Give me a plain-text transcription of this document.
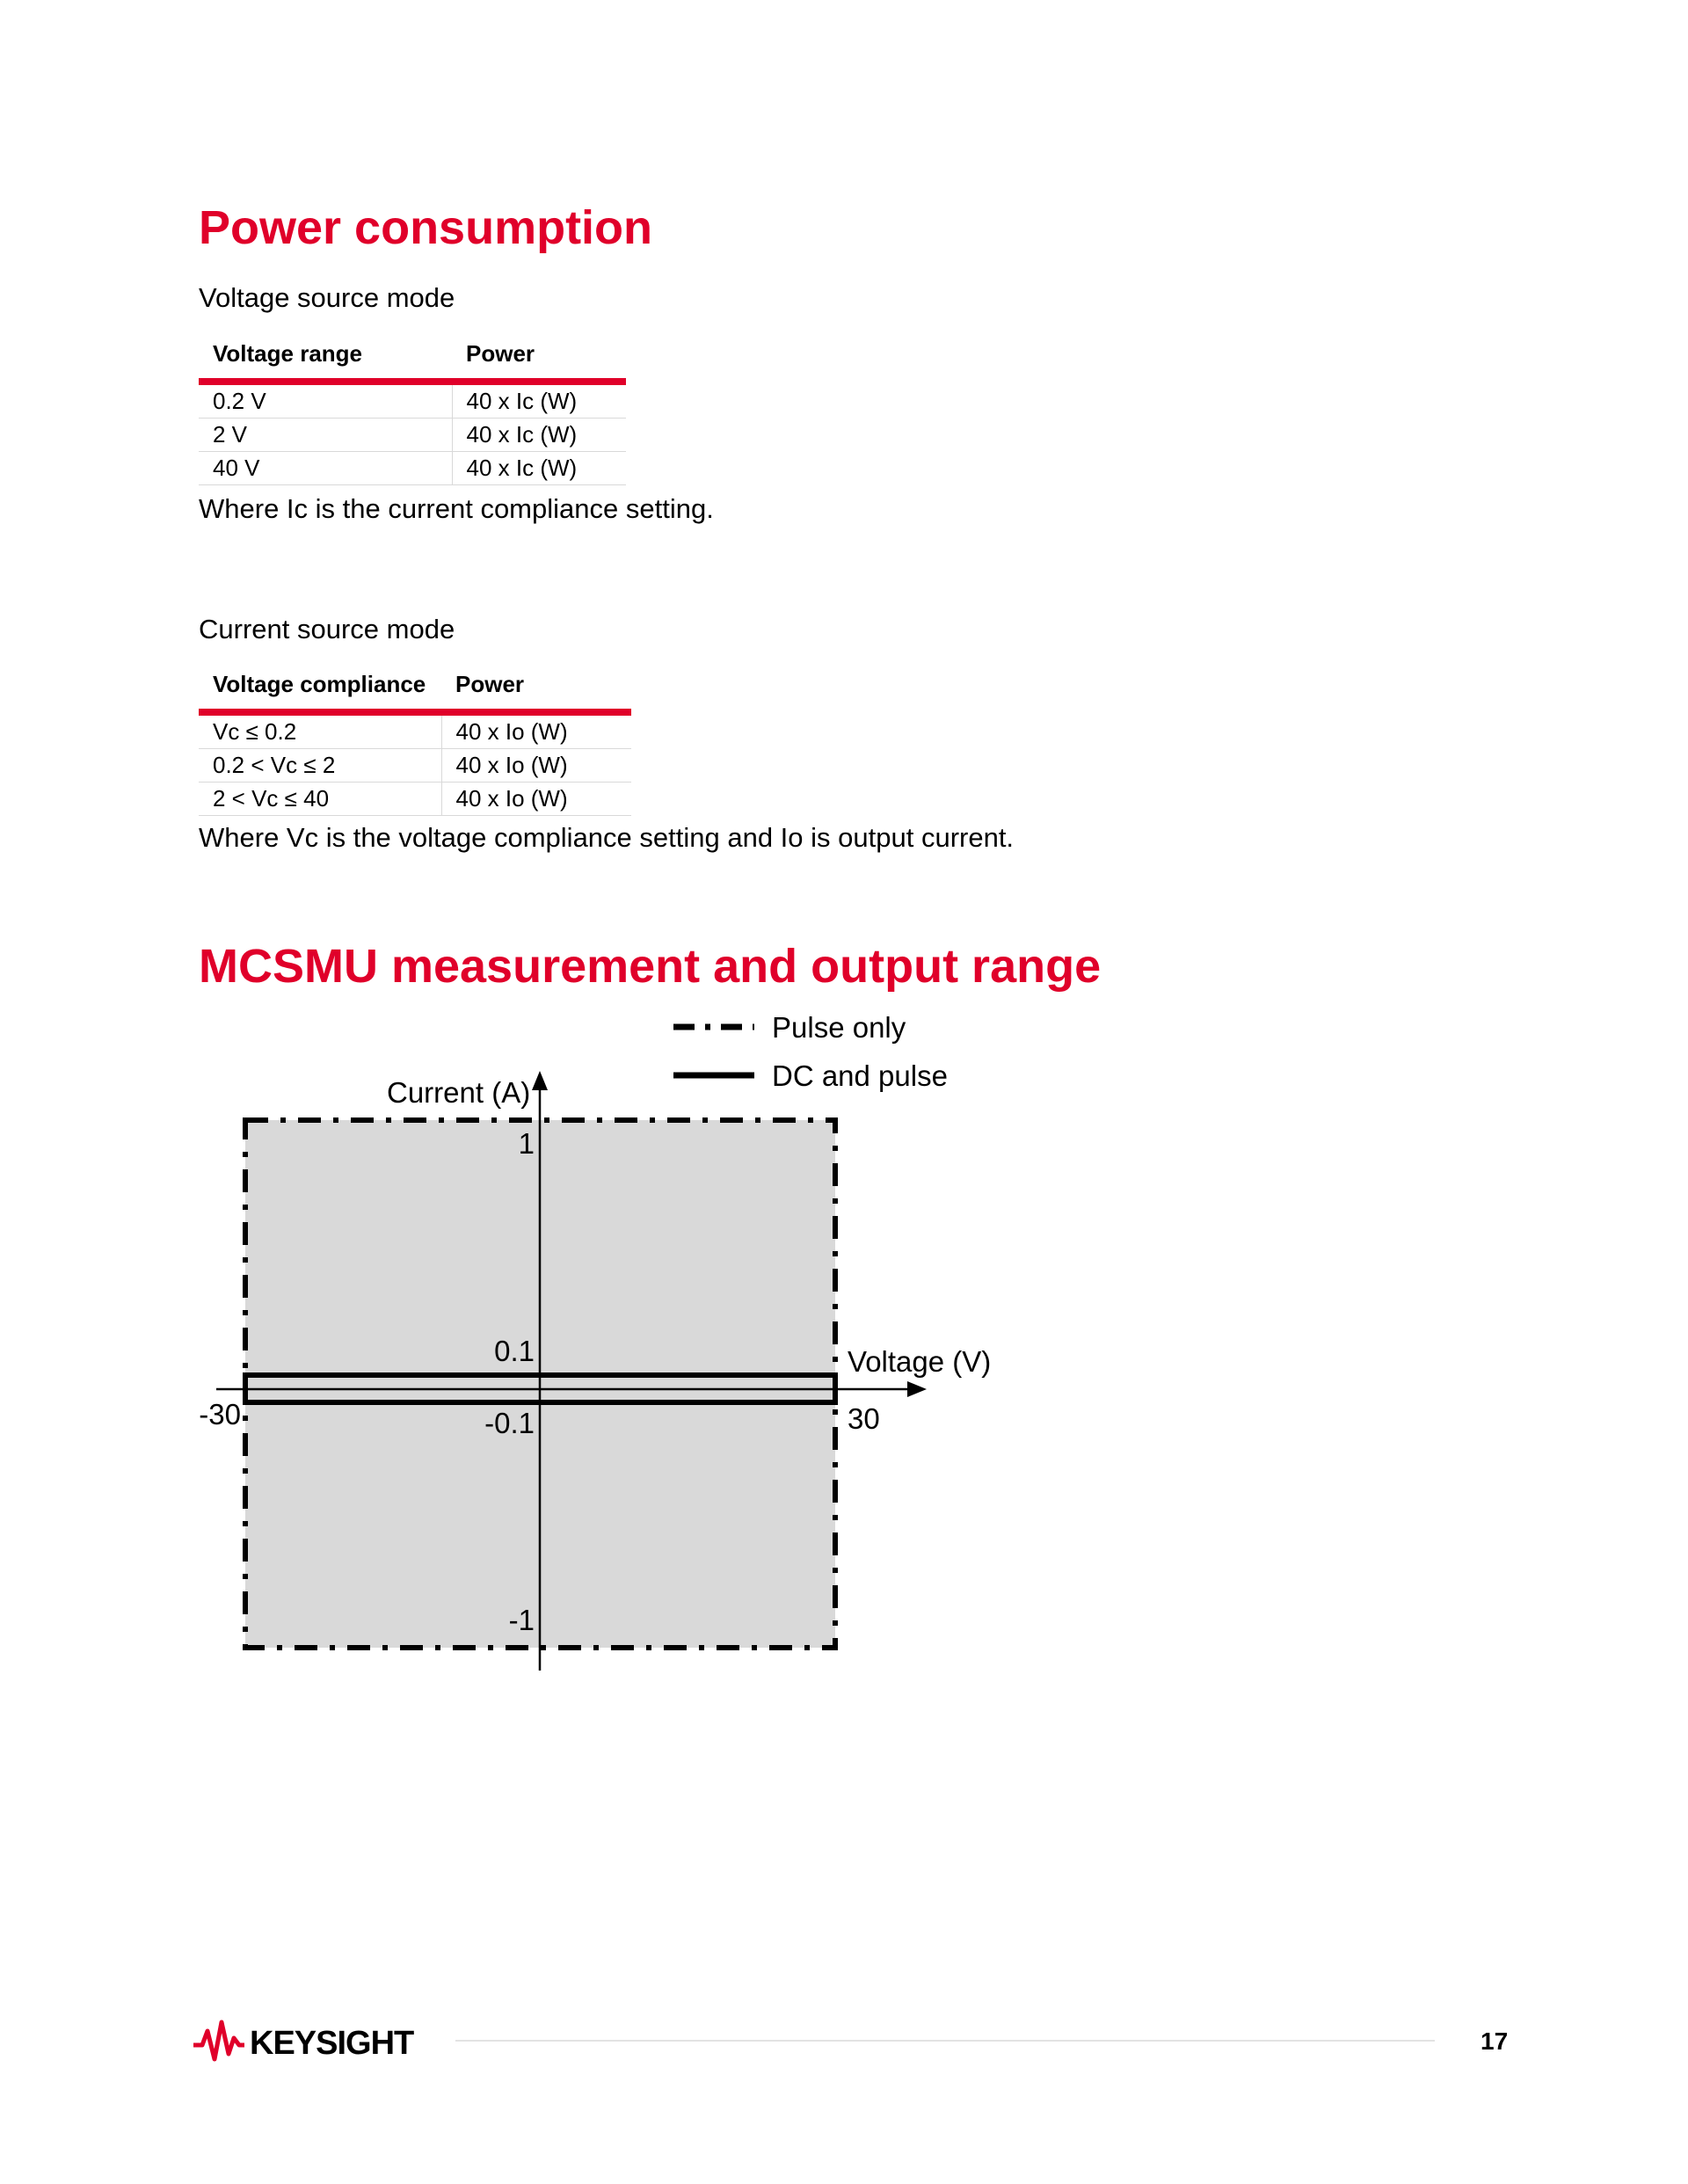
Power consumption

Voltage source mode

Voltage range	Power
0.2 V	40 x Ic (W)
2 V	40 x Ic (W)
40 V	40 x Ic (W)

Where Ic is the current compliance setting.

Current source mode

Voltage compliance	Power
Vc ≤ 0.2	40 x Io (W)
0.2 < Vc ≤ 2	40 x Io (W)
2 < Vc ≤ 40	40 x Io (W)

Where Vc is the voltage compliance setting and Io is output current.

MCSMU measurement and output range
Pulse only
DC and pulse
Current (A)
Voltage (V)
1
0.1
-0.1
-1
-30	30
KEYSIGHT	17
